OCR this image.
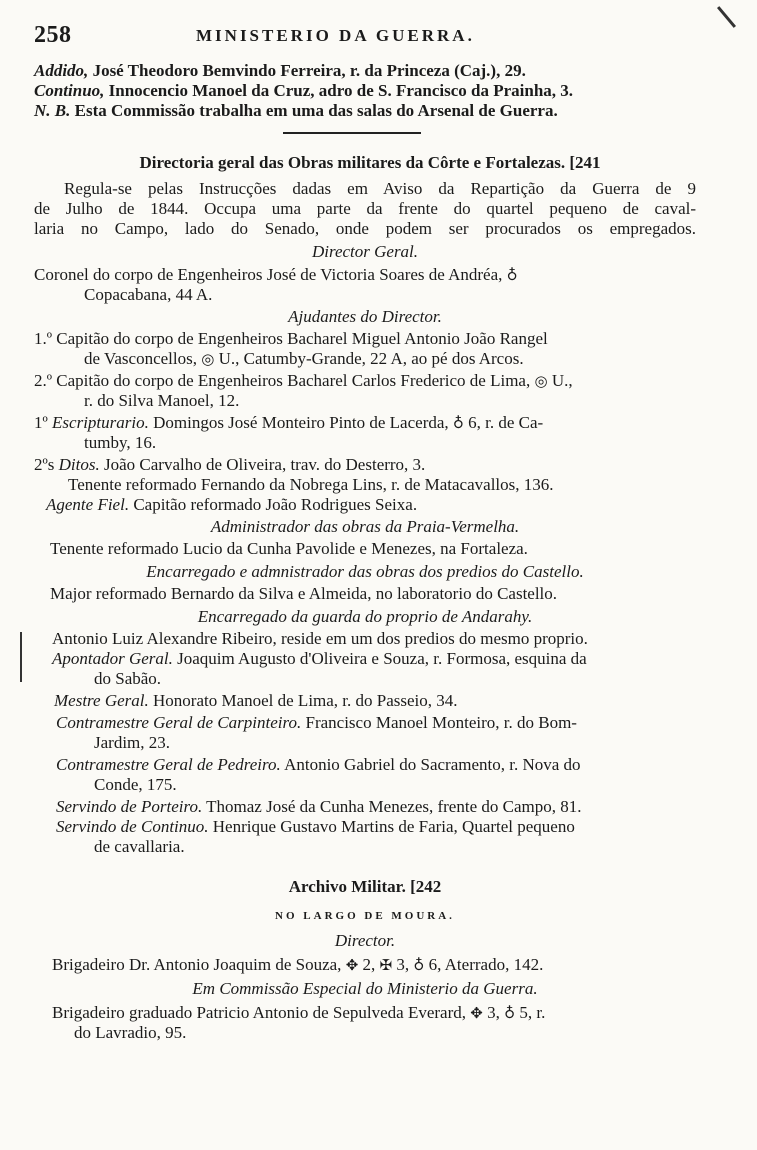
258	MINISTERIO DA GUERRA.
Addido, José Theodoro Bemvindo Ferreira, r. da Princeza (Caj.), 29.
Continuo, Innocencio Manoel da Cruz, adro de S. Francisco da Prainha, 3.
N. B. Esta Commissão trabalha em uma das salas do Arsenal de Guerra.
Directoria geral das Obras militares da Côrte e Fortalezas. [241
Regula-se pelas Instrucções dadas em Aviso da Repartição da Guerra de 9
de Julho de 1844. Occupa uma parte da frente do quartel pequeno de caval-
laria no Campo, lado do Senado, onde podem ser procurados os empregados.
Director Geral.
Coronel do corpo de Engenheiros José de Victoria Soares de Andréa, ♁
Copacabana, 44 A.
Ajudantes do Director.
1.º Capitão do corpo de Engenheiros Bacharel Miguel Antonio João Rangel
de Vasconcellos, ◎ U., Catumby-Grande, 22 A, ao pé dos Arcos.
2.º Capitão do corpo de Engenheiros Bacharel Carlos Frederico de Lima, ◎ U.,
r. do Silva Manoel, 12.
1º Escripturario. Domingos José Monteiro Pinto de Lacerda, ♁ 6, r. de Ca-
tumby, 16.
2ºs Ditos. João Carvalho de Oliveira, trav. do Desterro, 3.
Tenente reformado Fernando da Nobrega Lins, r. de Matacavallos, 136.
Agente Fiel. Capitão reformado João Rodrigues Seixa.
Administrador das obras da Praia-Vermelha.
Tenente reformado Lucio da Cunha Pavolide e Menezes, na Fortaleza.
Encarregado e admnistrador das obras dos predios do Castello.
Major reformado Bernardo da Silva e Almeida, no laboratorio do Castello.
Encarregado da guarda do proprio de Andarahy.
Antonio Luiz Alexandre Ribeiro, reside em um dos predios do mesmo proprio.
Apontador Geral. Joaquim Augusto d'Oliveira e Souza, r. Formosa, esquina da
do Sabão.
Mestre Geral. Honorato Manoel de Lima, r. do Passeio, 34.
Contramestre Geral de Carpinteiro. Francisco Manoel Monteiro, r. do Bom-
Jardim, 23.
Contramestre Geral de Pedreiro. Antonio Gabriel do Sacramento, r. Nova do
Conde, 175.
Servindo de Porteiro. Thomaz José da Cunha Menezes, frente do Campo, 81.
Servindo de Continuo. Henrique Gustavo Martins de Faria, Quartel pequeno
de cavallaria.
Archivo Militar. [242
NO LARGO DE MOURA.
Director.
Brigadeiro Dr. Antonio Joaquim de Souza, ✥ 2, ✠ 3, ♁ 6, Aterrado, 142.
Em Commissão Especial do Ministerio da Guerra.
Brigadeiro graduado Patricio Antonio de Sepulveda Everard, ✥ 3, ♁ 5, r.
do Lavradio, 95.
